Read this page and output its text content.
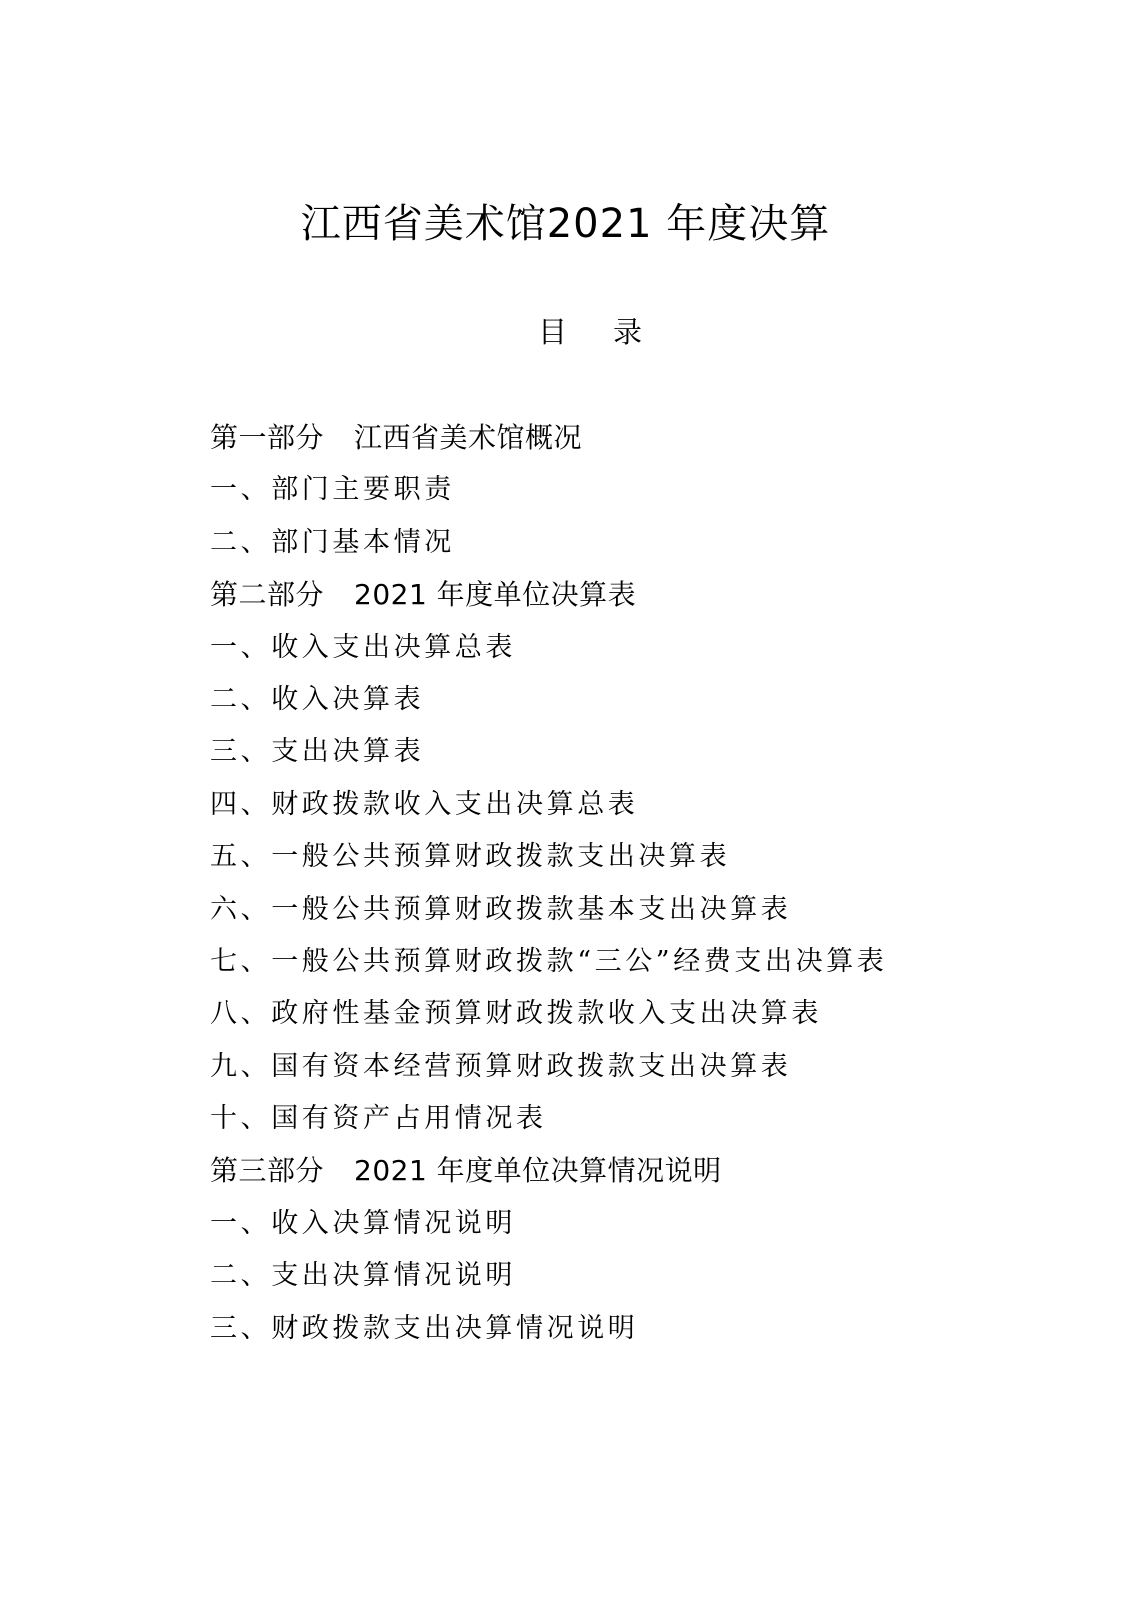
江西省美术馆2021 年度决算
目 录
第一部分 江西省美术馆概况
一、部门主要职责
二、部门基本情况
第二部分 2021 年度单位决算表
一、收入支出决算总表
二、收入决算表
三、支出决算表
四、财政拨款收入支出决算总表
五、一般公共预算财政拨款支出决算表
六、一般公共预算财政拨款基本支出决算表
七、一般公共预算财政拨款“三公”经费支出决算表
八、政府性基金预算财政拨款收入支出决算表
九、国有资本经营预算财政拨款支出决算表
十、国有资产占用情况表
第三部分 2021 年度单位决算情况说明
一、收入决算情况说明
二、支出决算情况说明
三、财政拨款支出决算情况说明
